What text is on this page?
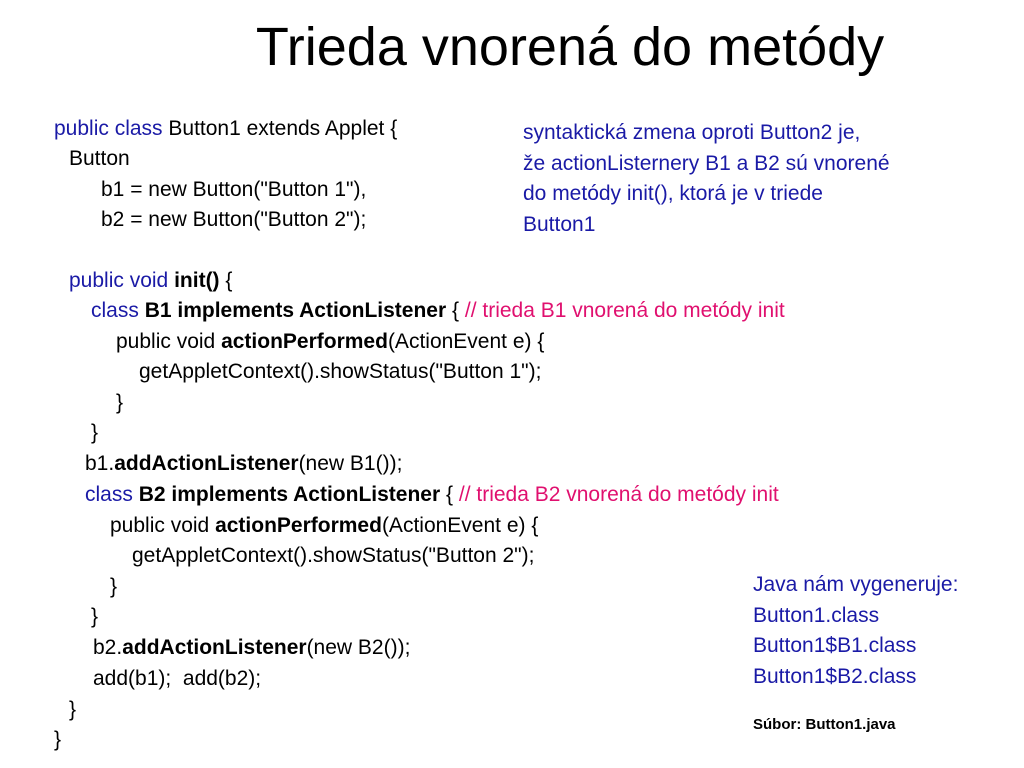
Trieda vnorená do metódy
public class Button1 extends Applet {
Button
b1 = new Button("Button 1"),
b2 = new Button("Button 2");
public void init() {
class B1 implements ActionListener { // trieda B1 vnorená do metódy init
public void actionPerformed(ActionEvent e) {
getAppletContext().showStatus("Button 1");
}
}
b1.addActionListener(new B1());
class B2 implements ActionListener { // trieda B2 vnorená do metódy init
public void actionPerformed(ActionEvent e) {
getAppletContext().showStatus("Button 2");
}
}
b2.addActionListener(new B2());
add(b1);  add(b2);
}
}
syntaktická zmena oproti Button2 je,
že actionListernery B1 a B2 sú vnorené
do metódy init(), ktorá je v triede
Button1
Java nám vygeneruje:
Button1.class
Button1$B1.class
Button1$B2.class
Súbor: Button1.java
